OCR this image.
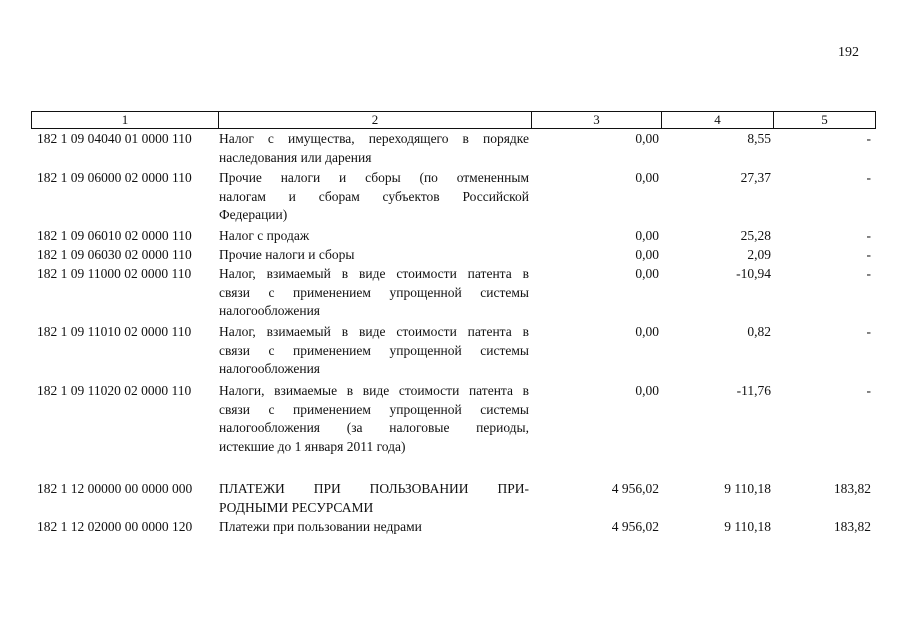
192
1	2	3	4	5
182 1 09 04040 01 0000 110 Налог с имущества, переходящего в порядке
наследования или дарения
0,00	8,55	-
182 1 09 06000 02 0000 110 Прочие налоги и сборы (по отмененным
налогам и сборам субъектов Российской
Федерации)
0,00	27,37	-
182 1 09 06010 02 0000 110 Налог с продаж	0,00	25,28	-
182 1 09 06030 02 0000 110 Прочие налоги и сборы	0,00	2,09	-
182 1 09 11000 02 0000 110 Налог, взимаемый в виде стоимости патента в
связи с применением упрощенной системы
налогообложения
0,00	-10,94	-
182 1 09 11010 02 0000 110 Налог, взимаемый в виде стоимости патента в
связи с применением упрощенной системы
налогообложения
0,00	0,82	-
182 1 09 11020 02 0000 110 Налоги, взимаемые в виде стоимости патента в
связи с применением упрощенной системы
налогообложения (за налоговые периоды,
истекшие до 1 января 2011 года)
0,00	-11,76	-
182 1 12 00000 00 0000 000 ПЛАТЕЖИ ПРИ ПОЛЬЗОВАНИИ ПРИ-
РОДНЫМИ РЕСУРСАМИ
4 956,02	9 110,18	183,82
182 1 12 02000 00 0000 120 Платежи при пользовании недрами	4 956,02	9 110,18	183,82
